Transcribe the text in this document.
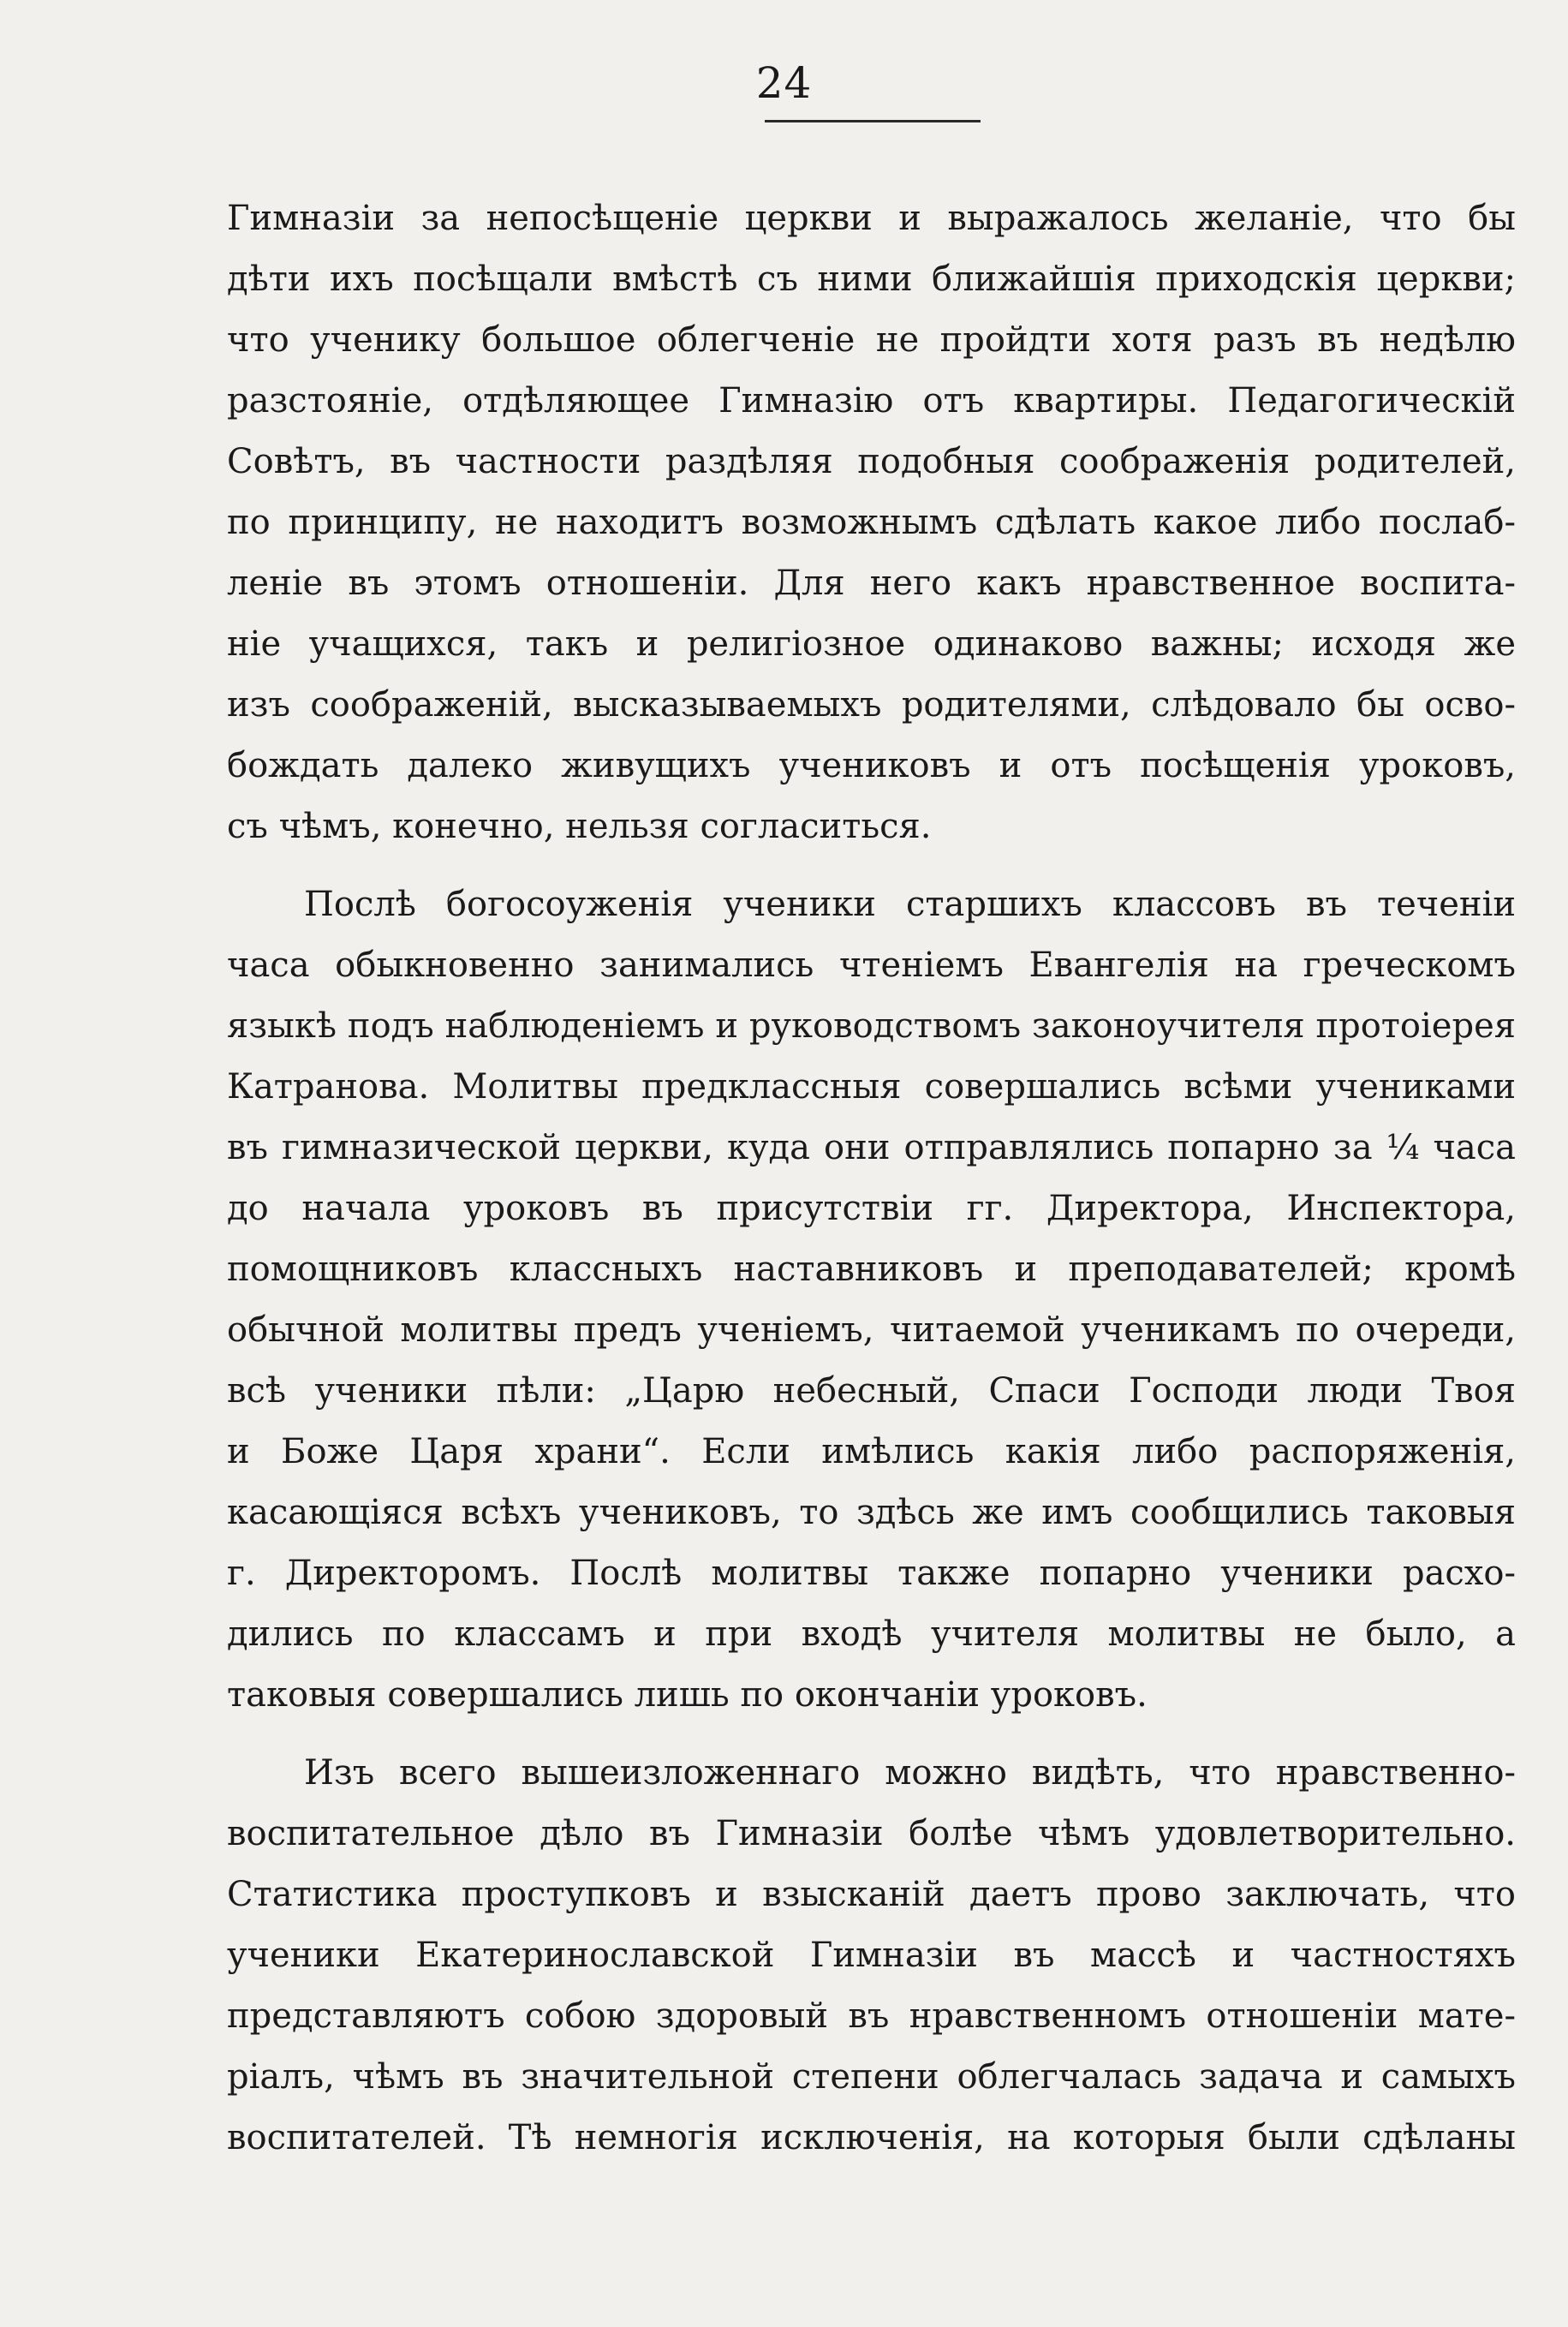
24
Гимназіи за непосѣщеніе церкви и выражалось желаніе, что бы
дѣти ихъ посѣщали вмѣстѣ съ ними ближайшія приходскія церкви;
что ученику большое облегченіе не пройдти хотя разъ въ недѣлю
разстояніе, отдѣляющее Гимназію отъ квартиры. Педагогическій
Совѣтъ, въ частности раздѣляя подобныя соображенія родителей,
по принципу, не находитъ возможнымъ сдѣлать какое либо послаб-
леніе въ этомъ отношеніи. Для него какъ нравственное воспита-
ніе учащихся, такъ и религіозное одинаково важны; исходя же
изъ соображеній, высказываемыхъ родителями, слѣдовало бы осво-
бождать далеко живущихъ учениковъ и отъ посѣщенія уроковъ,
съ чѣмъ, конечно, нельзя согласиться.
Послѣ богосоуженія ученики старшихъ классовъ въ теченіи
часа обыкновенно занимались чтеніемъ Евангелія на греческомъ
языкѣ подъ наблюденіемъ и руководствомъ законоучителя протоіерея
Катранова. Молитвы предклассныя совершались всѣми учениками
въ гимназической церкви, куда они отправлялись попарно за ¼ часа
до начала уроковъ въ присутствіи гг. Директора, Инспектора,
помощниковъ классныхъ наставниковъ и преподавателей; кромѣ
обычной молитвы предъ ученіемъ, читаемой ученикамъ по очереди,
всѣ ученики пѣли: „Царю небесный, Спаси Господи люди Твоя
и Боже Царя храни“. Если имѣлись какія либо распоряженія,
касающіяся всѣхъ учениковъ, то здѣсь же имъ сообщились таковыя
г. Директоромъ. Послѣ молитвы также попарно ученики расхо-
дились по классамъ и при входѣ учителя молитвы не было, а
таковыя совершались лишь по окончаніи уроковъ.
Изъ всего вышеизложеннаго можно видѣть, что нравственно-
воспитательное дѣло въ Гимназіи болѣе чѣмъ удовлетворительно.
Статистика проступковъ и взысканій даетъ прово заключать, что
ученики Екатеринославской Гимназіи въ массѣ и частностяхъ
представляютъ собою здоровый въ нравственномъ отношеніи мате-
ріалъ, чѣмъ въ значительной степени облегчалась задача и самыхъ
воспитателей. Тѣ немногія исключенія, на которыя были сдѣланы
